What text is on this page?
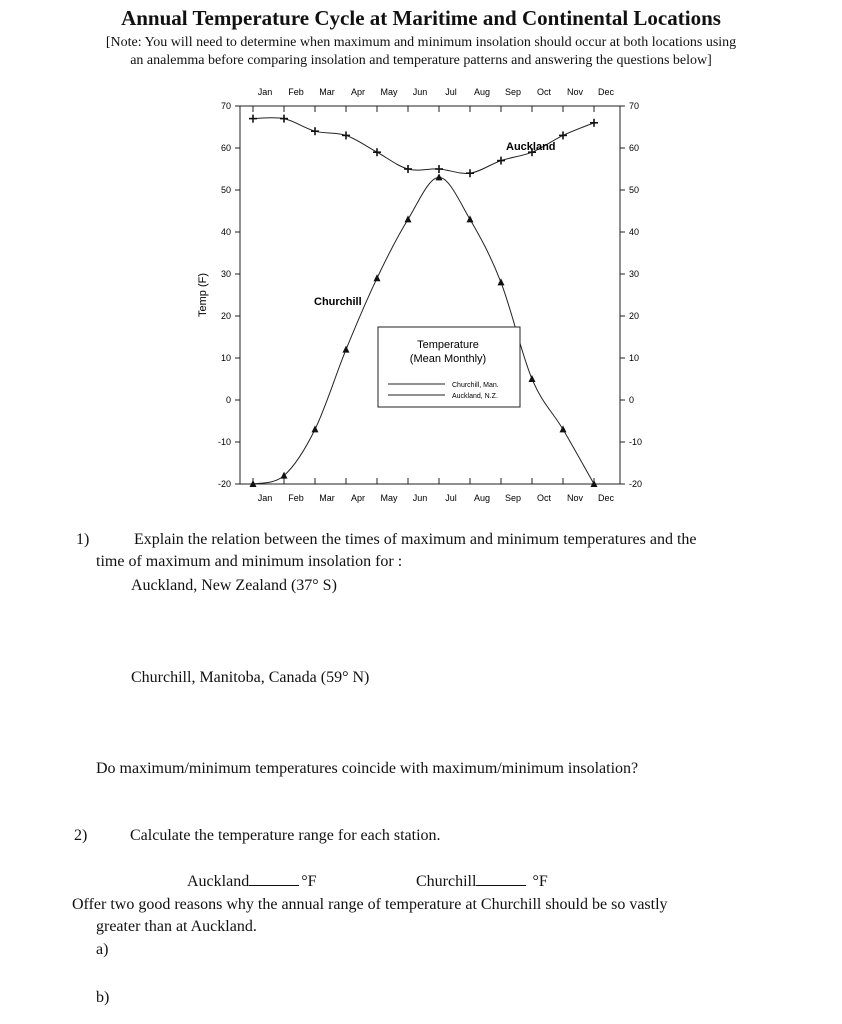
Annual Temperature Cycle at Maritime and Continental Locations
[Note: You will need to determine when maximum and minimum insolation should occur at both locations using
an analemma before comparing insolation and temperature patterns and answering the questions below]
70	70
60	60
50	50
40	40
30	30
20	20
10	10
0	0
-10	-10
-20	-20
Jan
Jan
Feb
Feb
Mar
Mar
Apr
Apr
May
May
Jun
Jun
Jul
Jul
Aug
Aug
Sep
Sep
Oct
Oct
Nov
Nov
Dec
Dec
Temp (F)
Auckland
Churchill
Temperature
(Mean Monthly)
Churchill, Man.
Auckland, N.Z.
1)	Explain the relation between the times of maximum and minimum temperatures and the
time of maximum and minimum insolation for :
Auckland, New Zealand (37° S)
Churchill, Manitoba, Canada (59° N)
Do maximum/minimum temperatures coincide with maximum/minimum insolation?
2)	Calculate the temperature range for each station.
Auckland	°F	Churchill	°F
Offer two good reasons why the annual range of temperature at Churchill should be so vastly
greater than at Auckland.
a)
b)
